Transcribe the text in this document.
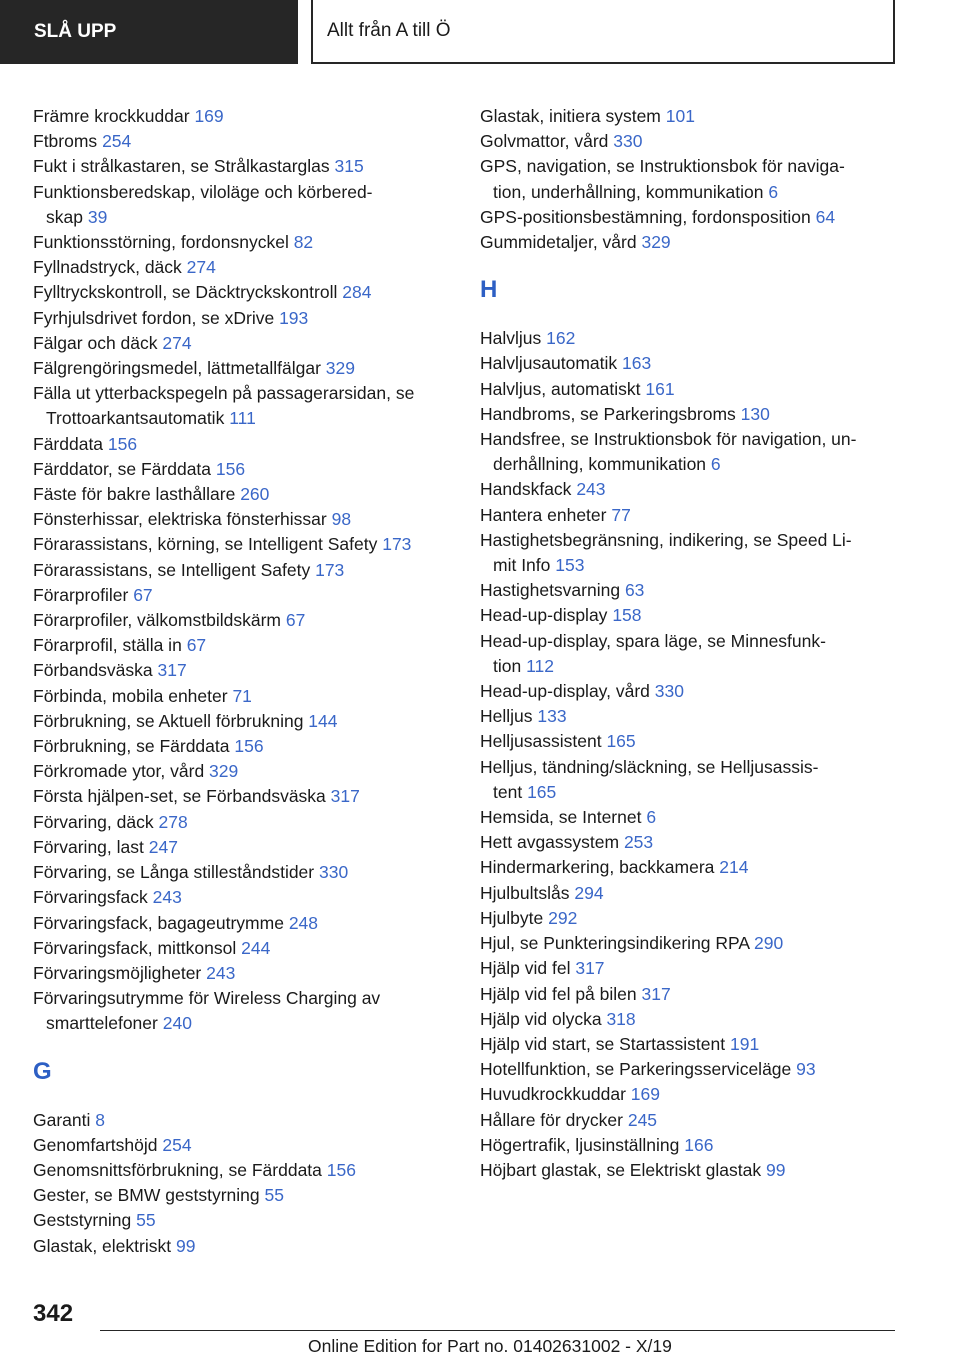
SLÅ UPP	Allt från A till Ö
Främre krockkuddar 169
Ftbroms 254
Fukt i strålkastaren, se Strålkastarglas 315
Funktionsberedskap, viloläge och körbered-
skap 39
Funktionsstörning, fordonsnyckel 82
Fyllnadstryck, däck 274
Fylltryckskontroll, se Däcktryckskontroll 284
Fyrhjulsdrivet fordon, se xDrive 193
Fälgar och däck 274
Fälgrengöringsmedel, lättmetallfälgar 329
Fälla ut ytterbackspegeln på passagerarsidan, se
Trottoarkantsautomatik 111
Färddata 156
Färddator, se Färddata 156
Fäste för bakre lasthållare 260
Fönsterhissar, elektriska fönsterhissar 98
Förarassistans, körning, se Intelligent Safety 173
Förarassistans, se Intelligent Safety 173
Förarprofiler 67
Förarprofiler, välkomstbildskärm 67
Förarprofil, ställa in 67
Förbandsväska 317
Förbinda, mobila enheter 71
Förbrukning, se Aktuell förbrukning 144
Förbrukning, se Färddata 156
Förkromade ytor, vård 329
Första hjälpen-set, se Förbandsväska 317
Förvaring, däck 278
Förvaring, last 247
Förvaring, se Långa stilleståndstider 330
Förvaringsfack 243
Förvaringsfack, bagageutrymme 248
Förvaringsfack, mittkonsol 244
Förvaringsmöjligheter 243
Förvaringsutrymme för Wireless Charging av
smarttelefoner 240
G
Garanti 8
Genomfartshöjd 254
Genomsnittsförbrukning, se Färddata 156
Gester, se BMW geststyrning 55
Geststyrning 55
Glastak, elektriskt 99
Glastak, initiera system 101
Golvmattor, vård 330
GPS, navigation, se Instruktionsbok för naviga-
tion, underhållning, kommunikation 6
GPS-positionsbestämning, fordonsposition 64
Gummidetaljer, vård 329
H
Halvljus 162
Halvljusautomatik 163
Halvljus, automatiskt 161
Handbroms, se Parkeringsbroms 130
Handsfree, se Instruktionsbok för navigation, un-
derhållning, kommunikation 6
Handskfack 243
Hantera enheter 77
Hastighetsbegränsning, indikering, se Speed Li-
mit Info 153
Hastighetsvarning 63
Head-up-display 158
Head-up-display, spara läge, se Minnesfunk-
tion 112
Head-up-display, vård 330
Helljus 133
Helljusassistent 165
Helljus, tändning/släckning, se Helljusassis-
tent 165
Hemsida, se Internet 6
Hett avgassystem 253
Hindermarkering, backkamera 214
Hjulbultslås 294
Hjulbyte 292
Hjul, se Punkteringsindikering RPA 290
Hjälp vid fel 317
Hjälp vid fel på bilen 317
Hjälp vid olycka 318
Hjälp vid start, se Startassistent 191
Hotellfunktion, se Parkeringsserviceläge 93
Huvudkrockkuddar 169
Hållare för drycker 245
Högertrafik, ljusinställning 166
Höjbart glastak, se Elektriskt glastak 99
342
Online Edition for Part no. 01402631002 - X/19
